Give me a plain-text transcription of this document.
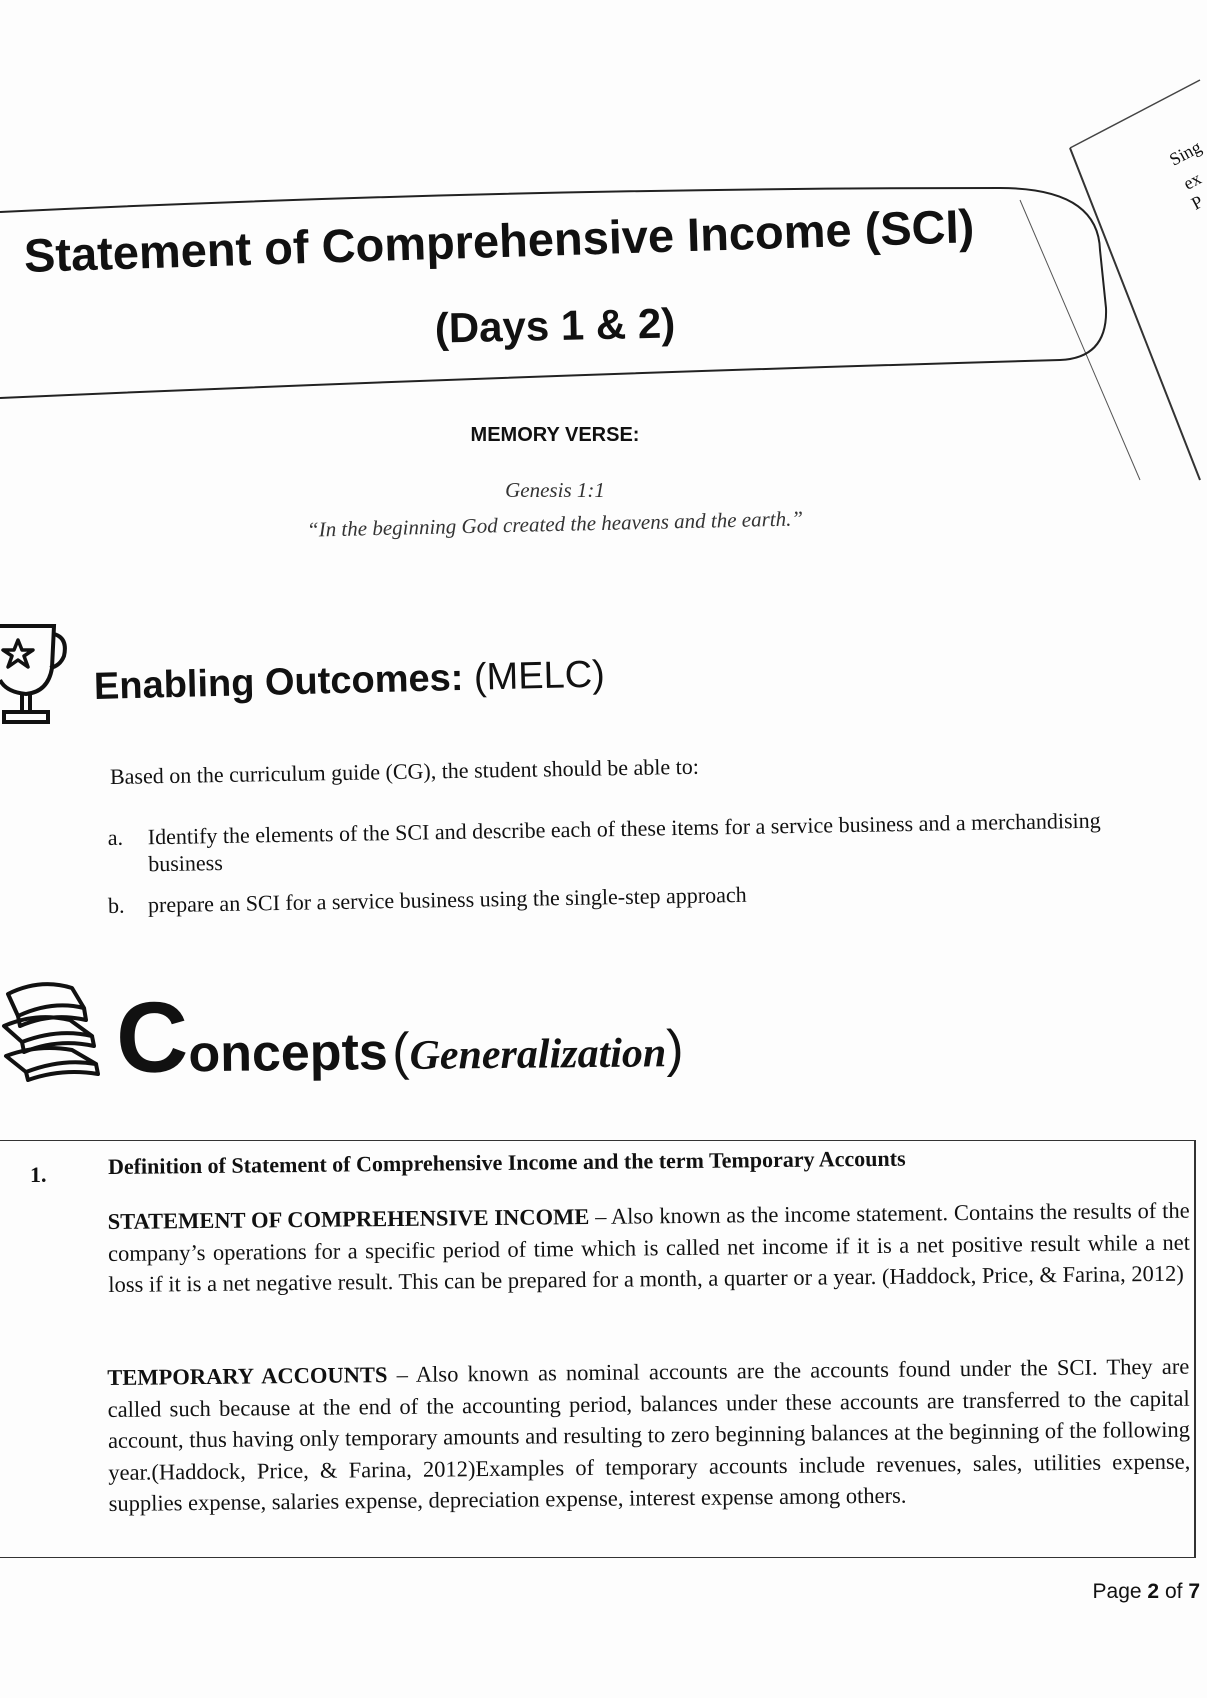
Sing
ex
P
Statement of Comprehensive Income (SCI)
(Days 1 & 2)
MEMORY VERSE:
Genesis 1:1
“In the beginning God created the heavens and the earth.”
Enabling Outcomes: (MELC)
Based on the curriculum guide (CG), the student should be able to:
a.	Identify the elements of the SCI and describe each of these items for a service business and a merchandising business
b.	prepare an SCI for a service business using the single-step approach
Concepts (Generalization)
1.	Definition of Statement of Comprehensive Income and the term Temporary Accounts
STATEMENT OF COMPREHENSIVE INCOME – Also known as the income statement. Contains the results of the company’s operations for a specific period of time which is called net income if it is a net positive result while a net loss if it is a net negative result. This can be prepared for a month, a quarter or a year. (Haddock, Price, & Farina, 2012)
TEMPORARY ACCOUNTS – Also known as nominal accounts are the accounts found under the SCI. They are called such because at the end of the accounting period, balances under these accounts are transferred to the capital account, thus having only temporary amounts and resulting to zero beginning balances at the beginning of the following year.(Haddock, Price, & Farina, 2012)Examples of temporary accounts include revenues, sales, utilities expense, supplies expense, salaries expense, depreciation expense, interest expense among others.
Page 2 of 7
